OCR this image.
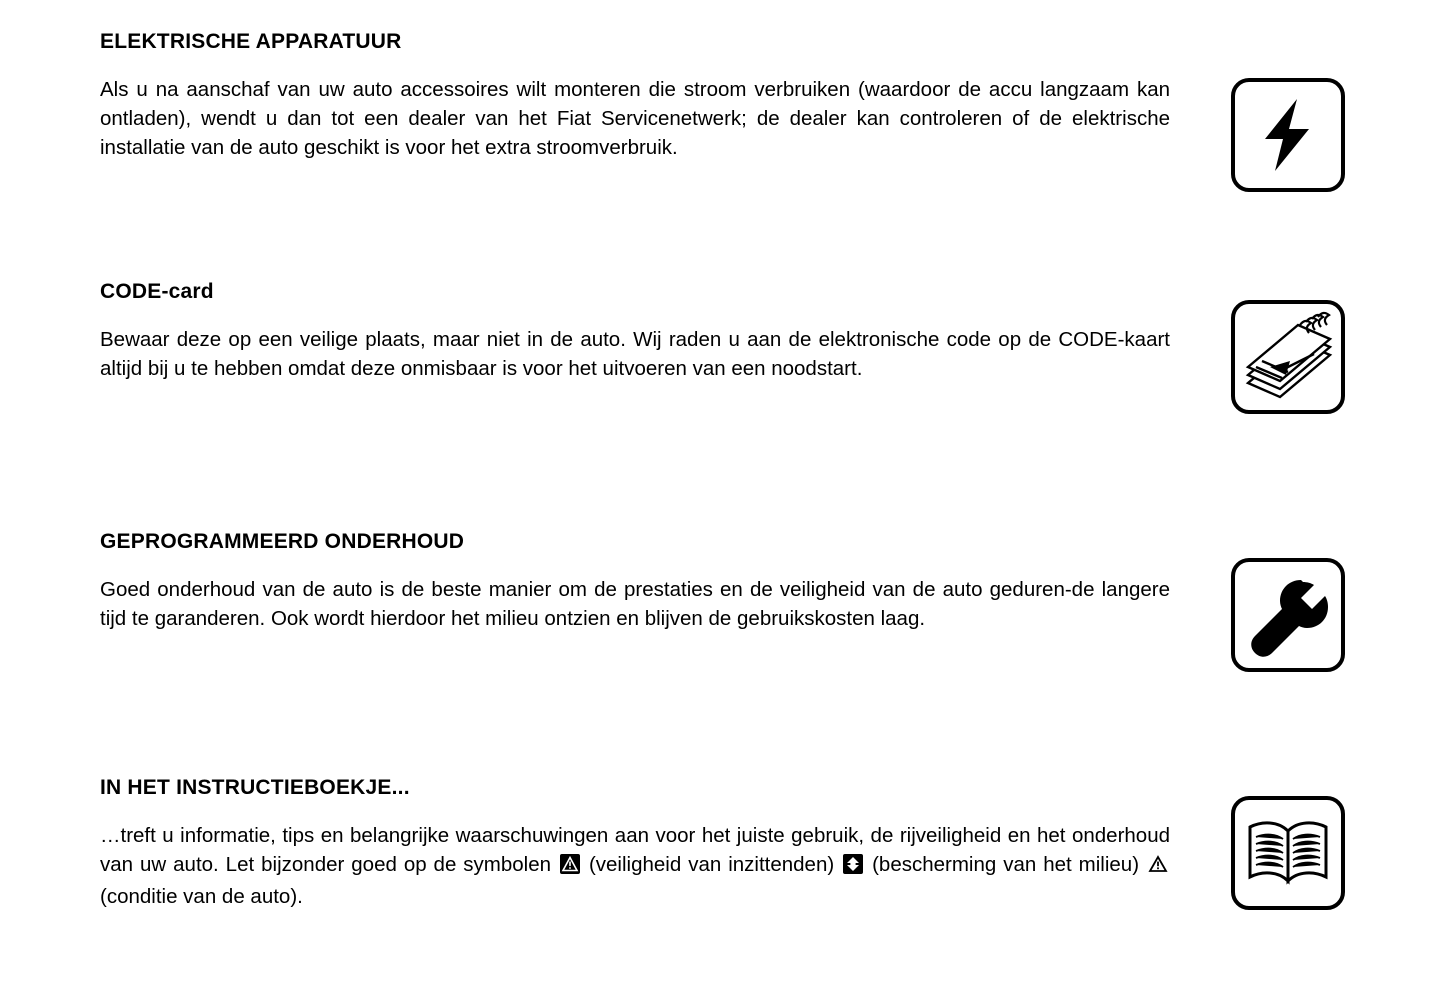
ELEKTRISCHE APPARATUUR

Als u na aanschaf van uw auto accessoires wilt monteren die stroom verbruiken (waardoor de accu langzaam kan ontladen), wendt u dan tot een dealer van het Fiat Servicenetwerk; de dealer kan controleren of de elektrische installatie van de auto geschikt is voor het extra stroomverbruik.

CODE-card

Bewaar deze op een veilige plaats, maar niet in de auto. Wij raden u aan de elektronische code op de CODE-kaart altijd bij u te hebben omdat deze onmisbaar is voor het uitvoeren van een noodstart.

GEPROGRAMMEERD ONDERHOUD

Goed onderhoud van de auto is de beste manier om de prestaties en de veiligheid van de auto geduren-de langere tijd te garanderen. Ook wordt hierdoor het milieu ontzien en blijven de gebruikskosten laag.

IN HET INSTRUCTIEBOEKJE...

…treft u informatie, tips en belangrijke waarschuwingen aan voor het juiste gebruik, de rijveiligheid en het onderhoud van uw auto. Let bijzonder goed op de symbolen (veiligheid van inzittenden) (bescherming van het milieu)  (conditie van de auto).
